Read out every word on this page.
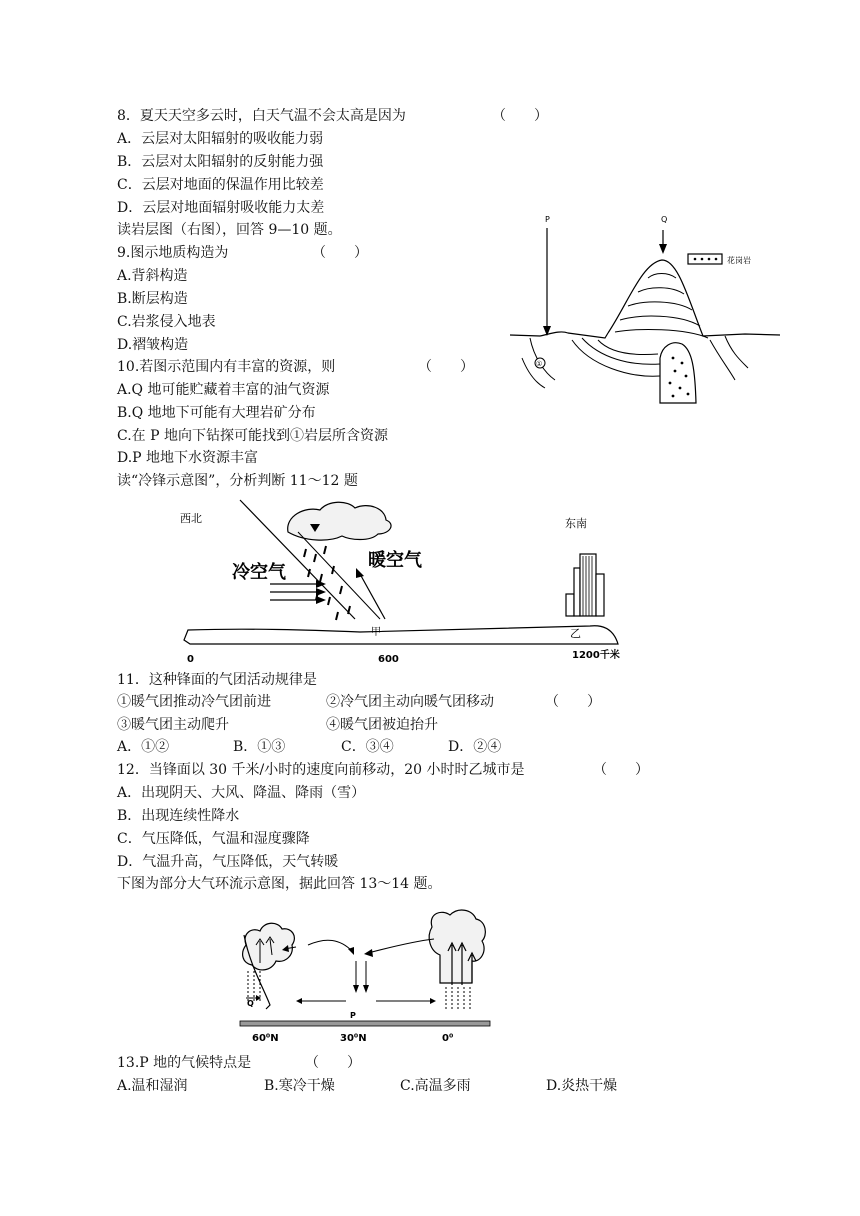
8．夏天天空多云时，白天气温不会太高是因为	（　　）
A．云层对太阳辐射的吸收能力弱
B．云层对太阳辐射的反射能力强
C．云层对地面的保温作用比较差
D．云层对地面辐射吸收能力太差
读岩层图（右图），回答 9—10 题。
9.图示地质构造为	（　　）
A.背斜构造
B.断层构造
C.岩浆侵入地表
D.褶皱构造
10.若图示范围内有丰富的资源，则	（　　）
A.Q 地可能贮藏着丰富的油气资源
B.Q 地地下可能有大理岩矿分布
C.在 P 地向下钻探可能找到①岩层所含资源
D.P 地地下水资源丰富
P	Q
花岗岩
①
读“冷锋示意图”，分析判断 11～12 题
西北	东南
冷空气
暖空气
甲	乙
0	600	1200千米
11．这种锋面的气团活动规律是
①暖气团推动冷气团前进	②冷气团主动向暖气团移动	（　　）
③暖气团主动爬升	④暖气团被迫抬升
A．①②	B．①③	C．③④	D．②④
12．当锋面以 30 千米/小时的速度向前移动，20 小时时乙城市是	（　　）
A．出现阴天、大风、降温、降雨（雪）
B．出现连续性降水
C．气压降低，气温和湿度骤降
D．气温升高，气压降低，天气转暖
下图为部分大气环流示意图，据此回答 13～14 题。
Q
P
60⁰N	30⁰N	0⁰
13.P 地的气候特点是	（　　）
A.温和湿润	B.寒冷干燥	C.高温多雨	D.炎热干燥
